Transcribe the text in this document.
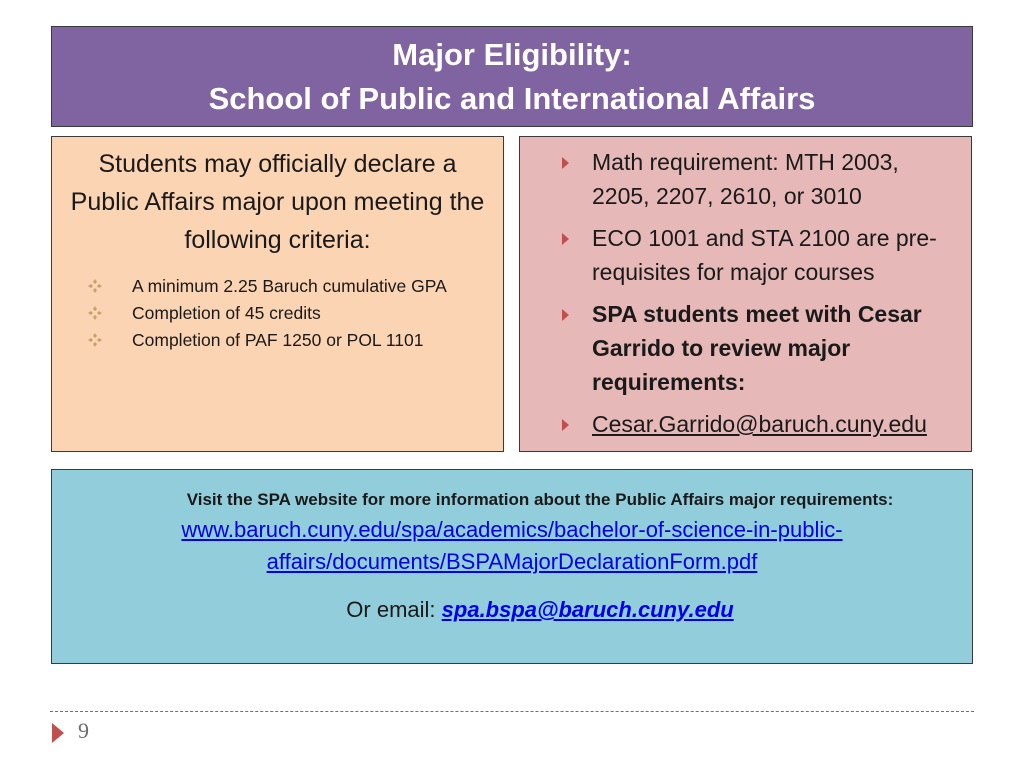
Major Eligibility:
School of Public and International Affairs
Students may officially declare a Public Affairs major upon meeting the following criteria:
A minimum 2.25 Baruch cumulative GPA
Completion of 45 credits
Completion of PAF 1250 or POL 1101
Math requirement: MTH 2003, 2205, 2207, 2610, or 3010
ECO 1001 and STA 2100 are pre-requisites for major courses
SPA students meet with Cesar Garrido to review major requirements:
Cesar.Garrido@baruch.cuny.edu
Visit the SPA website for more information about the Public Affairs major requirements:
www.baruch.cuny.edu/spa/academics/bachelor-of-science-in-public-affairs/documents/BSPAMajorDeclarationForm.pdf
Or email: spa.bspa@baruch.cuny.edu
9
